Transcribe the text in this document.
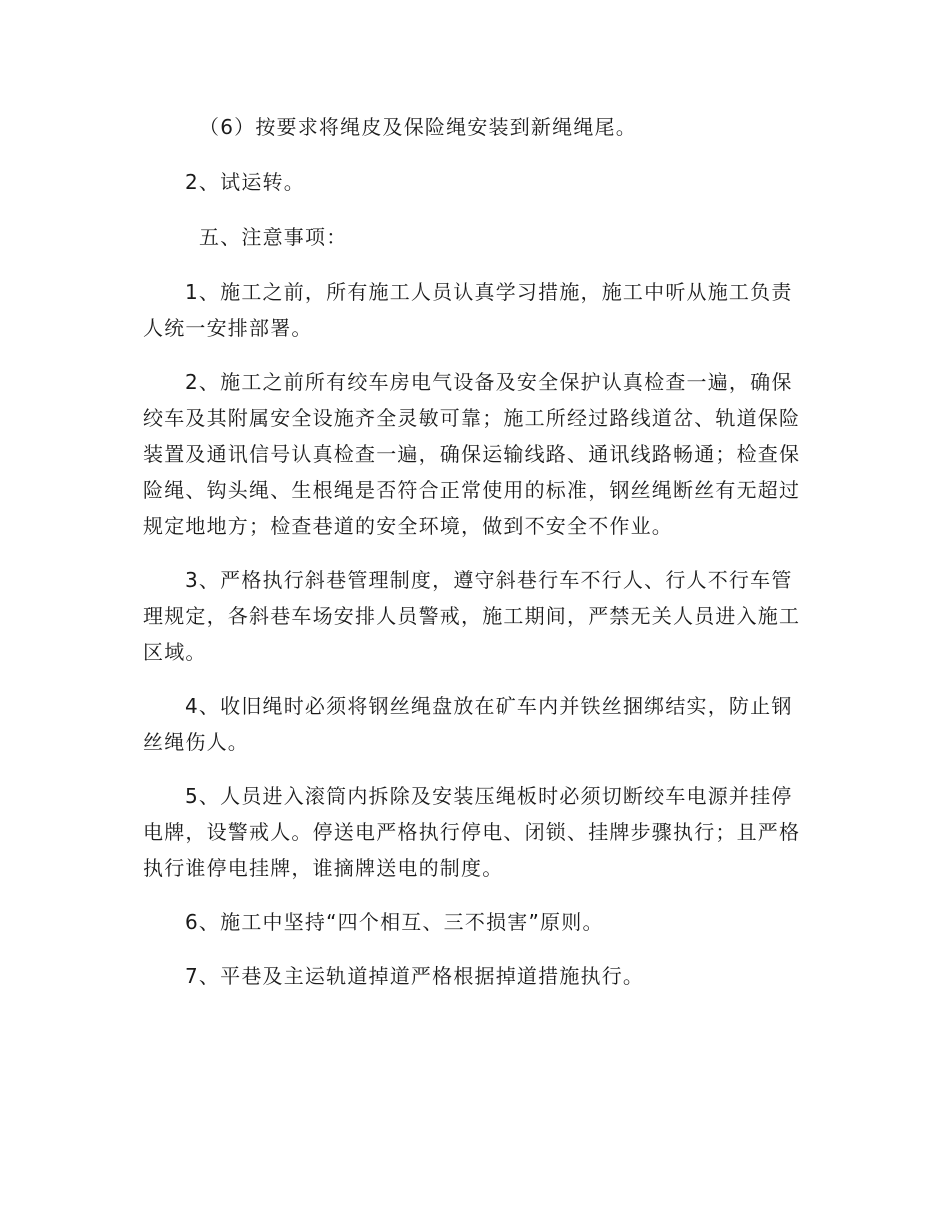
（6）按要求将绳皮及保险绳安装到新绳绳尾。

2、试运转。

五、注意事项：

1、施工之前，所有施工人员认真学习措施，施工中听从施工负责人统一安排部署。

2、施工之前所有绞车房电气设备及安全保护认真检查一遍，确保绞车及其附属安全设施齐全灵敏可靠；施工所经过路线道岔、轨道保险装置及通讯信号认真检查一遍，确保运输线路、通讯线路畅通；检查保险绳、钩头绳、生根绳是否符合正常使用的标准，钢丝绳断丝有无超过规定地地方；检查巷道的安全环境，做到不安全不作业。

3、严格执行斜巷管理制度，遵守斜巷行车不行人、行人不行车管理规定，各斜巷车场安排人员警戒，施工期间，严禁无关人员进入施工区域。

4、收旧绳时必须将钢丝绳盘放在矿车内并铁丝捆绑结实，防止钢丝绳伤人。

5、人员进入滚筒内拆除及安装压绳板时必须切断绞车电源并挂停电牌，设警戒人。停送电严格执行停电、闭锁、挂牌步骤执行；且严格执行谁停电挂牌，谁摘牌送电的制度。

6、施工中坚持“四个相互、三不损害”原则。

7、平巷及主运轨道掉道严格根据掉道措施执行。
